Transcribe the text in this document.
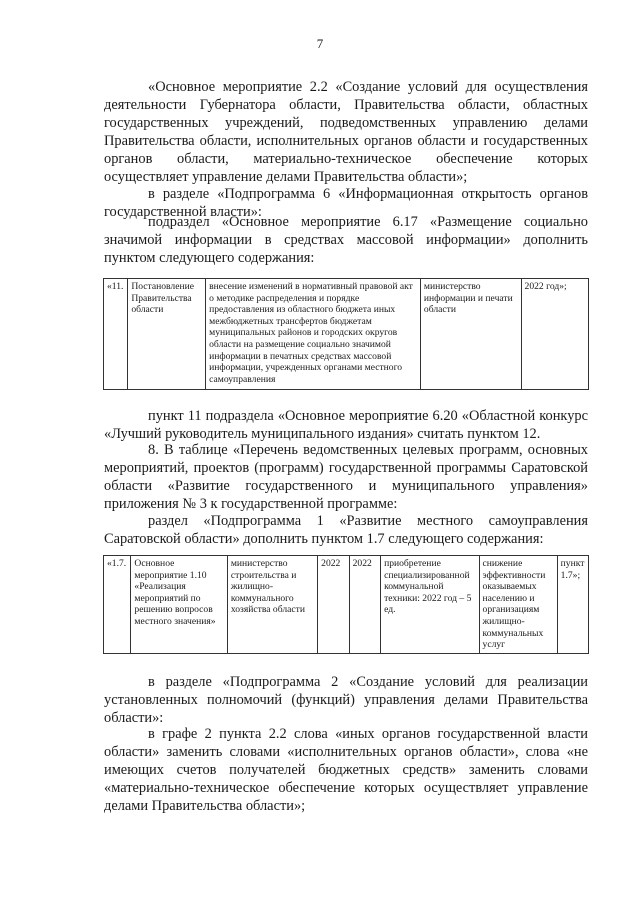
7

«Основное мероприятие 2.2 «Создание условий для осуществления деятельности Губернатора области, Правительства области, областных государственных учреждений, подведомственных управлению делами Правительства области, исполнительных органов области и государственных органов области, материально-техническое обеспечение которых осуществляет управление делами Правительства области»;

в разделе «Подпрограмма 6 «Информационная открытость органов государственной власти»:

подраздел «Основное мероприятие 6.17 «Размещение социально значимой информации в средствах массовой информации» дополнить пунктом следующего содержания:

«11.	Постановление Правительства области	внесение изменений в нормативный правовой акт о методике распределения и порядке предоставления из областного бюджета иных межбюджетных трансфертов бюджетам муниципальных районов и городских округов области на размещение социально значимой информации в печатных средствах массовой информации, учрежденных органами местного самоуправления	министерство информации и печати области	2022 год»;

пункт 11 подраздела «Основное мероприятие 6.20 «Областной конкурс «Лучший руководитель муниципального издания» считать пунктом 12.

8. В таблице «Перечень ведомственных целевых программ, основных мероприятий, проектов (программ) государственной программы Саратовской области «Развитие государственного и муниципального управления» приложения № 3 к государственной программе:

раздел «Подпрограмма 1 «Развитие местного самоуправления Саратовской области» дополнить пунктом 1.7 следующего содержания:

«1.7.	Основное мероприятие 1.10 «Реализация мероприятий по решению вопросов местного значения»	министерство строительства и жилищно-коммунального хозяйства области	2022	2022	приобретение специализированной коммунальной техники: 2022 год – 5 ед.	снижение эффективности оказываемых населению и организациям жилищно-коммунальных услуг	пункт 1.7»;

в разделе «Подпрограмма 2 «Создание условий для реализации установленных полномочий (функций) управления делами Правительства области»:

в графе 2 пункта 2.2 слова «иных органов государственной власти области» заменить словами «исполнительных органов области», слова «не имеющих счетов получателей бюджетных средств» заменить словами «материально-техническое обеспечение которых осуществляет управление делами Правительства области»;
